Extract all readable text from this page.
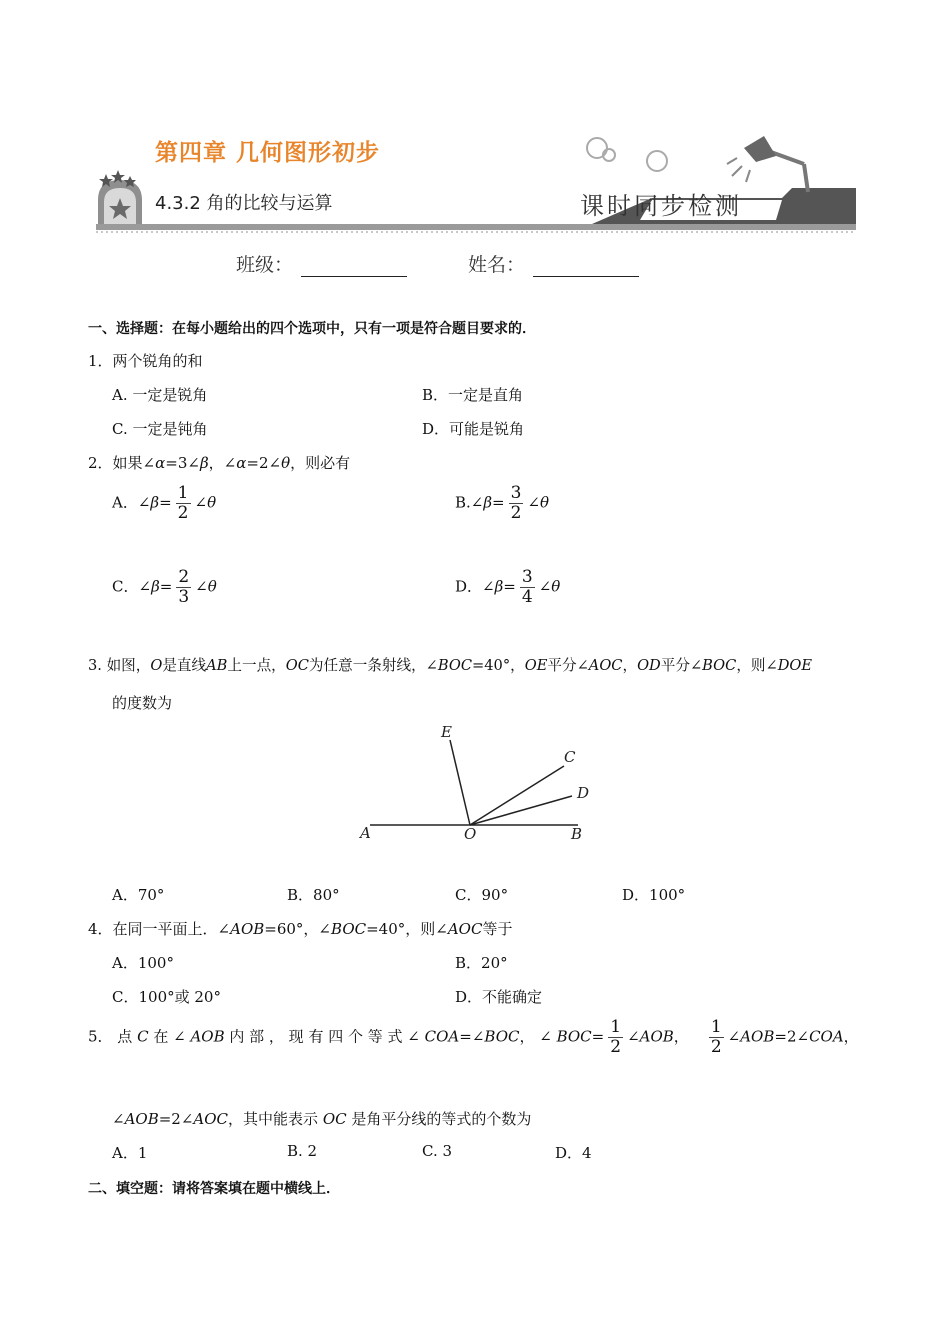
第四章 几何图形初步
4.3.2 角的比较与运算	课时同步检测
班级：	姓名：
一、选择题：在每小题给出的四个选项中，只有一项是符合题目要求的．
1．两个锐角的和
A. 一定是锐角	B．一定是直角
C. 一定是钝角	D．可能是锐角
2．如果∠α=3∠β，∠α=2∠θ，则必有
A．∠β= $\frac{1}{2}$ ∠θ	B.∠β= $\frac{3}{2}$ ∠θ
C．∠β= $\frac{2}{3}$ ∠θ	D．∠β= $\frac{3}{4}$ ∠θ
3. 如图，O是直线AB上一点，OC为任意一条射线，∠BOC=40°，OE平分∠AOC，OD平分∠BOC，则∠DOE
的度数为
E
C
D
A	O	B
A．70°	B．80°	C．90°	D．100°
4．在同一平面上．∠AOB=60°，∠BOC=40°，则∠AOC等于
A．100°	B．20°
C．100°或 20°	D．不能确定
5． 点 C 在 ∠ AOB 内 部 ， 现 有 四 个 等 式 ∠ COA=∠BOC， ∠ $BOC= \frac{1}{2}$ ∠AOB， $\frac{1}{2}$ ∠AOB=2∠COA，
∠AOB=2∠AOC，其中能表示 OC 是角平分线的等式的个数为
A．1	B. 2	C. 3	D．4
二、填空题：请将答案填在题中横线上．
